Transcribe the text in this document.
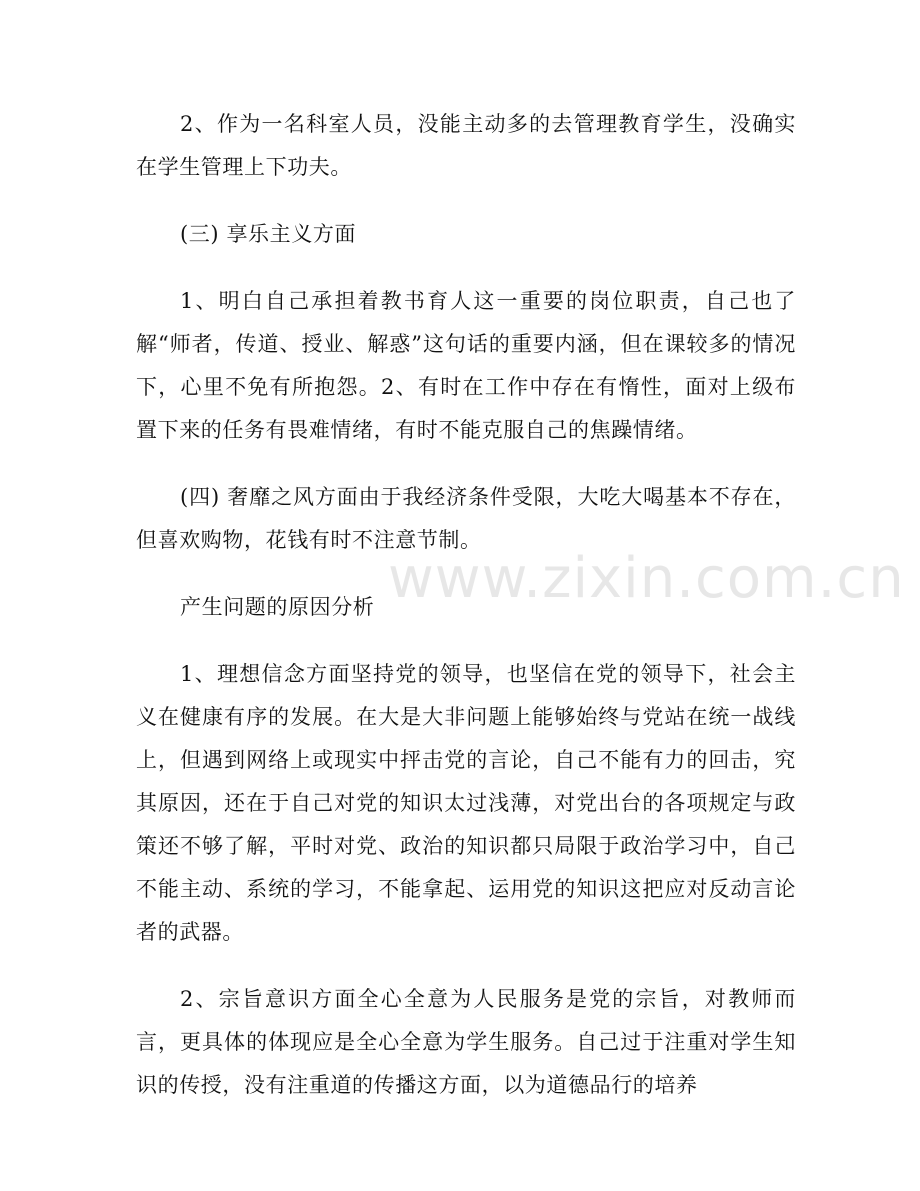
2、作为一名科室人员，没能主动多的去管理教育学生，没确实在学生管理上下功夫。

(三) 享乐主义方面

1、明白自己承担着教书育人这一重要的岗位职责，自己也了解“师者，传道、授业、解惑”这句话的重要内涵，但在课较多的情况下，心里不免有所抱怨。2、有时在工作中存在有惰性，面对上级布置下来的任务有畏难情绪，有时不能克服自己的焦躁情绪。

(四) 奢靡之风方面由于我经济条件受限，大吃大喝基本不存在，但喜欢购物，花钱有时不注意节制。

产生问题的原因分析

1、理想信念方面坚持党的领导，也坚信在党的领导下，社会主义在健康有序的发展。在大是大非问题上能够始终与党站在统一战线上，但遇到网络上或现实中抨击党的言论，自己不能有力的回击，究其原因，还在于自己对党的知识太过浅薄，对党出台的各项规定与政策还不够了解，平时对党、政治的知识都只局限于政治学习中，自己不能主动、系统的学习，不能拿起、运用党的知识这把应对反动言论者的武器。

2、宗旨意识方面全心全意为人民服务是党的宗旨，对教师而言，更具体的体现应是全心全意为学生服务。自己过于注重对学生知识的传授，没有注重道的传播这方面，以为道德品行的培养

www.zixin.com.cn
